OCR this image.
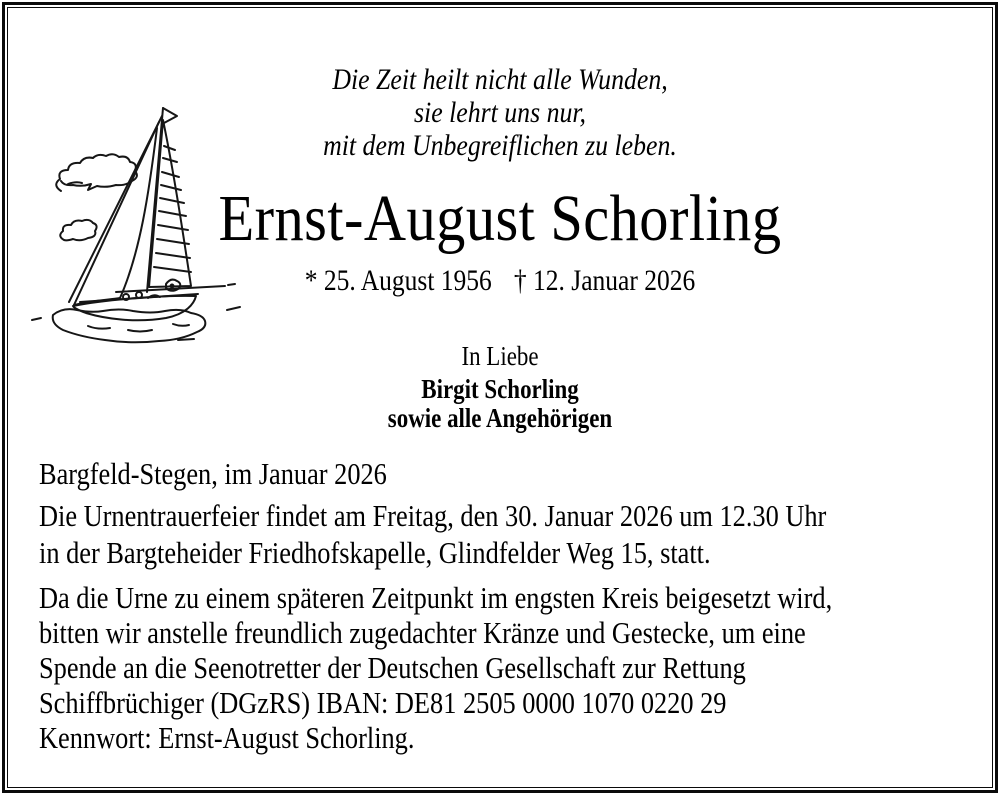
Die Zeit heilt nicht alle Wunden,
sie lehrt uns nur,
mit dem Unbegreiflichen zu leben.
Ernst-August Schorling
* 25. August 1956 † 12. Januar 2026
In Liebe
Birgit Schorling
sowie alle Angehörigen
Bargfeld-Stegen, im Januar 2026
Die Urnentrauerfeier findet am Freitag, den 30. Januar 2026 um 12.30 Uhr
in der Bargteheider Friedhofskapelle, Glindfelder Weg 15, statt.
Da die Urne zu einem späteren Zeitpunkt im engsten Kreis beigesetzt wird,
bitten wir anstelle freundlich zugedachter Kränze und Gestecke, um eine
Spende an die Seenotretter der Deutschen Gesellschaft zur Rettung
Schiffbrüchiger (DGzRS) IBAN: DE81 2505 0000 1070 0220 29
Kennwort: Ernst-August Schorling.
